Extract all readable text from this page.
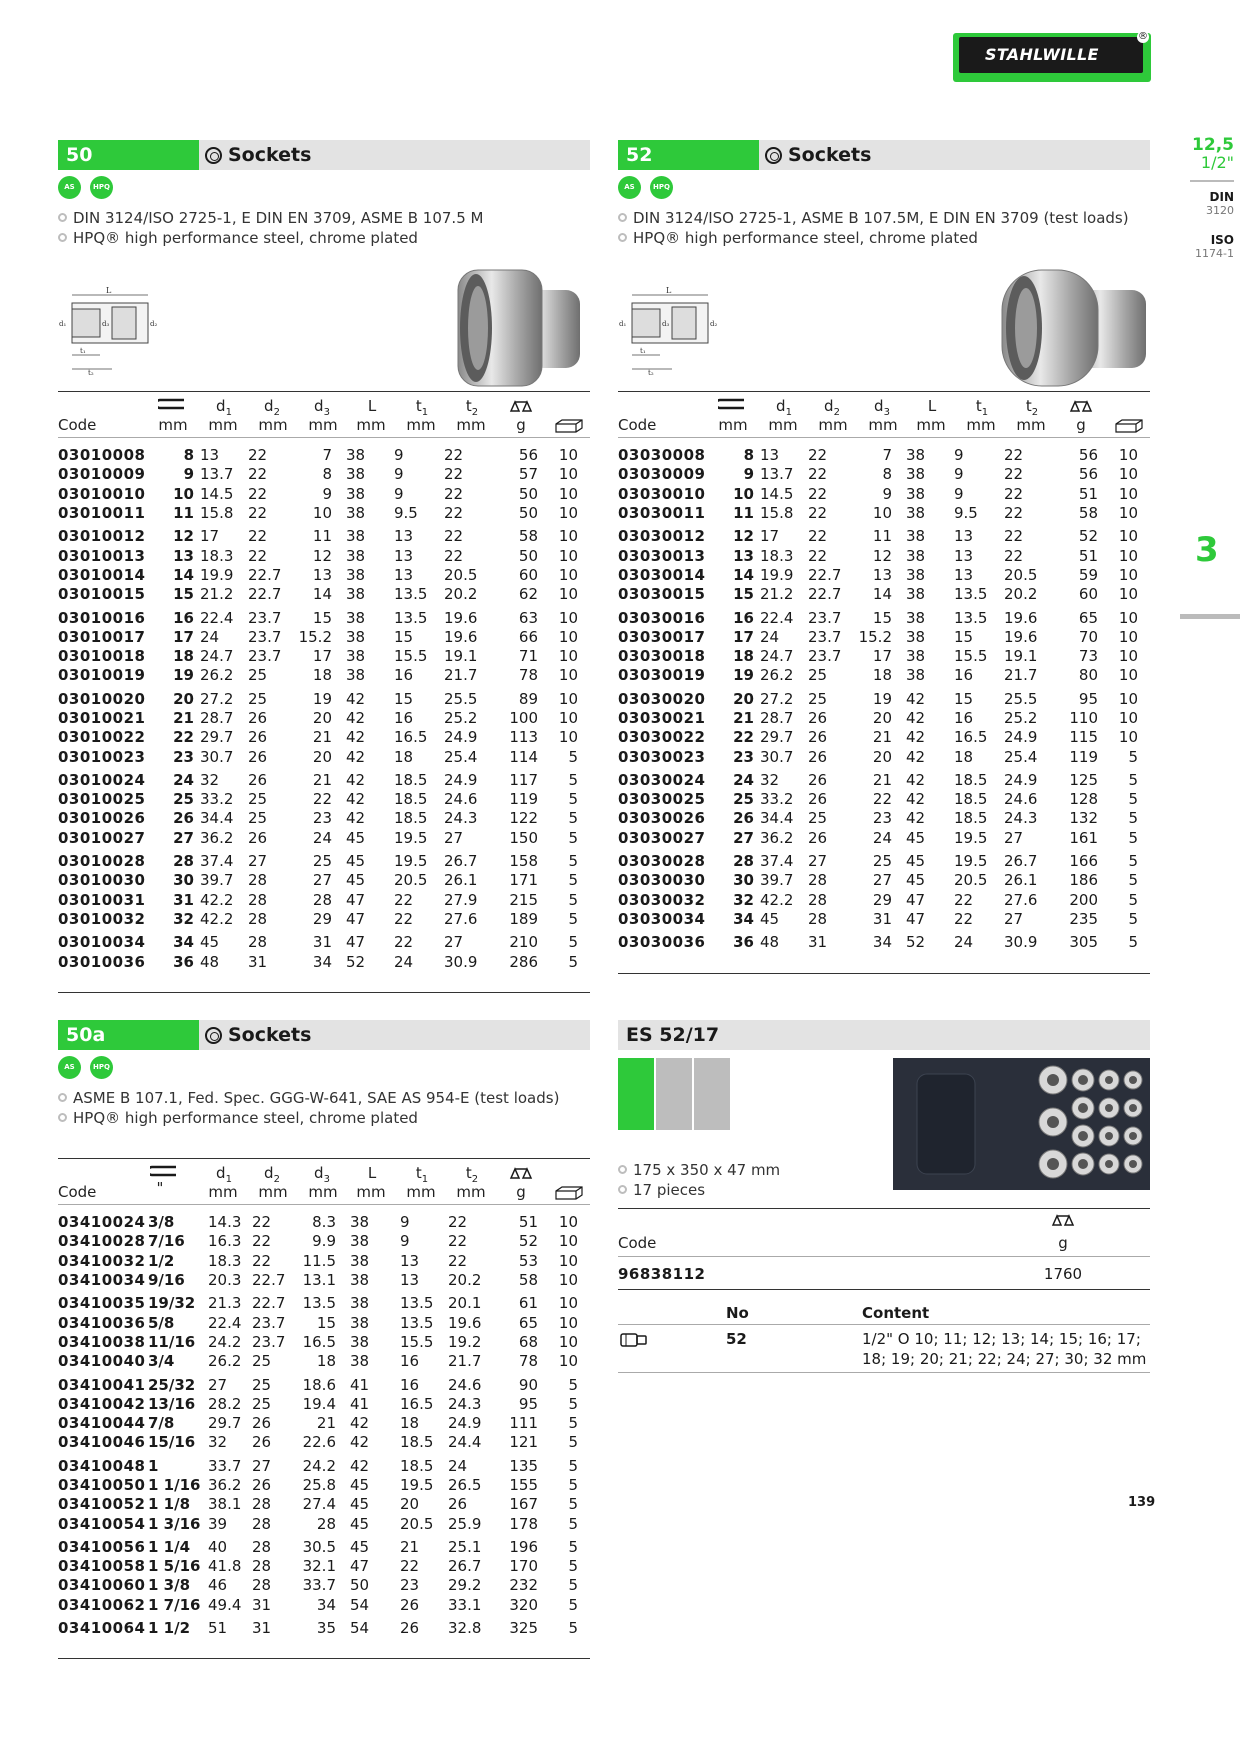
STAHLWILLE
®
12,5
1/2"
DIN
3120
ISO
1174-1
3
50	Sockets
AS	HPQ
DIN 3124/ISO 2725-1, E DIN EN 3709, ASME B 107.5 M
HPQ® high performance steel, chrome plated
L
d₁	d₃	d₂
t₁
t₂
$d_1$	$d_2$	$d_3$	L	$t_1$	$t_2$
Code	mm mm mm mm mm mm mm	g
03010008	8	13	22	7	38	9	22	56	10
03010009	9	13.7	22	8	38	9	22	57	10
03010010	10	14.5	22	9	38	9	22	50	10
03010011	11	15.8	22	10	38	9.5	22	50	10

03010012	12	17	22	11	38	13	22	58	10
03010013	13	18.3	22	12	38	13	22	50	10
03010014	14	19.9	22.7	13	38	13	20.5	60	10
03010015	15	21.2	22.7	14	38	13.5	20.2	62	10

03010016	16	22.4	23.7	15	38	13.5	19.6	63	10
03010017	17	24	23.7	15.2	38	15	19.6	66	10
03010018	18	24.7	23.7	17	38	15.5	19.1	71	10
03010019	19	26.2	25	18	38	16	21.7	78	10

03010020	20	27.2	25	19	42	15	25.5	89	10
03010021	21	28.7	26	20	42	16	25.2	100	10
03010022	22	29.7	26	21	42	16.5	24.9	113	10
03010023	23	30.7	26	20	42	18	25.4	114	5

03010024	24	32	26	21	42	18.5	24.9	117	5
03010025	25	33.2	25	22	42	18.5	24.6	119	5
03010026	26	34.4	25	23	42	18.5	24.3	122	5
03010027	27	36.2	26	24	45	19.5	27	150	5

03010028	28	37.4	27	25	45	19.5	26.7	158	5
03010030	30	39.7	28	27	45	20.5	26.1	171	5
03010031	31	42.2	28	28	47	22	27.9	215	5
03010032	32	42.2	28	29	47	22	27.6	189	5

03010034	34	45	28	31	47	22	27	210	5
03010036	36	48	31	34	52	24	30.9	286	5
52	Sockets
AS	HPQ
DIN 3124/ISO 2725-1, ASME B 107.5M, E DIN EN 3709 (test loads)
HPQ® high performance steel, chrome plated
L
d₁	d₃	d₂
t₁
t₂
$d_1$	$d_2$	$d_3$	L	$t_1$	$t_2$
Code	mm mm mm mm mm mm mm	g
03030008	8	13	22	7	38	9	22	56	10
03030009	9	13.7	22	8	38	9	22	56	10
03030010	10	14.5	22	9	38	9	22	51	10
03030011	11	15.8	22	10	38	9.5	22	58	10

03030012	12	17	22	11	38	13	22	52	10
03030013	13	18.3	22	12	38	13	22	51	10
03030014	14	19.9	22.7	13	38	13	20.5	59	10
03030015	15	21.2	22.7	14	38	13.5	20.2	60	10

03030016	16	22.4	23.7	15	38	13.5	19.6	65	10
03030017	17	24	23.7	15.2	38	15	19.6	70	10
03030018	18	24.7	23.7	17	38	15.5	19.1	73	10
03030019	19	26.2	25	18	38	16	21.7	80	10

03030020	20	27.2	25	19	42	15	25.5	95	10
03030021	21	28.7	26	20	42	16	25.2	110	10
03030022	22	29.7	26	21	42	16.5	24.9	115	10
03030023	23	30.7	26	20	42	18	25.4	119	5

03030024	24	32	26	21	42	18.5	24.9	125	5
03030025	25	33.2	26	22	42	18.5	24.6	128	5
03030026	26	34.4	25	23	42	18.5	24.3	132	5
03030027	27	36.2	26	24	45	19.5	27	161	5

03030028	28	37.4	27	25	45	19.5	26.7	166	5
03030030	30	39.7	28	27	45	20.5	26.1	186	5
03030032	32	42.2	28	29	47	22	27.6	200	5
03030034	34	45	28	31	47	22	27	235	5

03030036	36	48	31	34	52	24	30.9	305	5
50a	Sockets
AS	HPQ
ASME B 107.1, Fed. Spec. GGG-W-641, SAE AS 954-E (test loads)
HPQ® high performance steel, chrome plated
$d_1$	$d_2$	$d_3$	L	$t_1$	$t_2$
Code	"	mm mm mm mm mm mm	g
03410024	3/8	14.3	22	8.3	38	9	22	51	10
03410028	7/16	16.3	22	9.9	38	9	22	52	10
03410032	1/2	18.3	22	11.5	38	13	22	53	10
03410034	9/16	20.3	22.7	13.1	38	13	20.2	58	10

03410035	19/32	21.3	22.7	13.5	38	13.5	20.1	61	10
03410036	5/8	22.4	23.7	15	38	13.5	19.6	65	10
03410038	11/16	24.2	23.7	16.5	38	15.5	19.2	68	10
03410040	3/4	26.2	25	18	38	16	21.7	78	10

03410041	25/32	27	25	18.6	41	16	24.6	90	5
03410042	13/16	28.2	25	19.4	41	16.5	24.3	95	5
03410044	7/8	29.7	26	21	42	18	24.9	111	5
03410046	15/16	32	26	22.6	42	18.5	24.4	121	5

03410048	1	33.7	27	24.2	42	18.5	24	135	5
03410050	1 1/16	36.2	26	25.8	45	19.5	26.5	155	5
03410052	1 1/8	38.1	28	27.4	45	20	26	167	5
03410054	1 3/16	39	28	28	45	20.5	25.9	178	5

03410056	1 1/4	40	28	30.5	45	21	25.1	196	5
03410058	1 5/16	41.8	28	32.1	47	22	26.7	170	5
03410060	1 3/8	46	28	33.7	50	23	29.2	232	5
03410062	1 7/16	49.4	31	34	54	26	33.1	320	5

03410064	1 1/2	51	31	35	54	26	32.8	325	5
ES 52/17
175 x 350 x 47 mm
17 pieces
Code	g
96838112	1760
No	Content
52	1/2" O 10; 11; 12; 13; 14; 15; 16; 17;
18; 19; 20; 21; 22; 24; 27; 30; 32 mm
139
